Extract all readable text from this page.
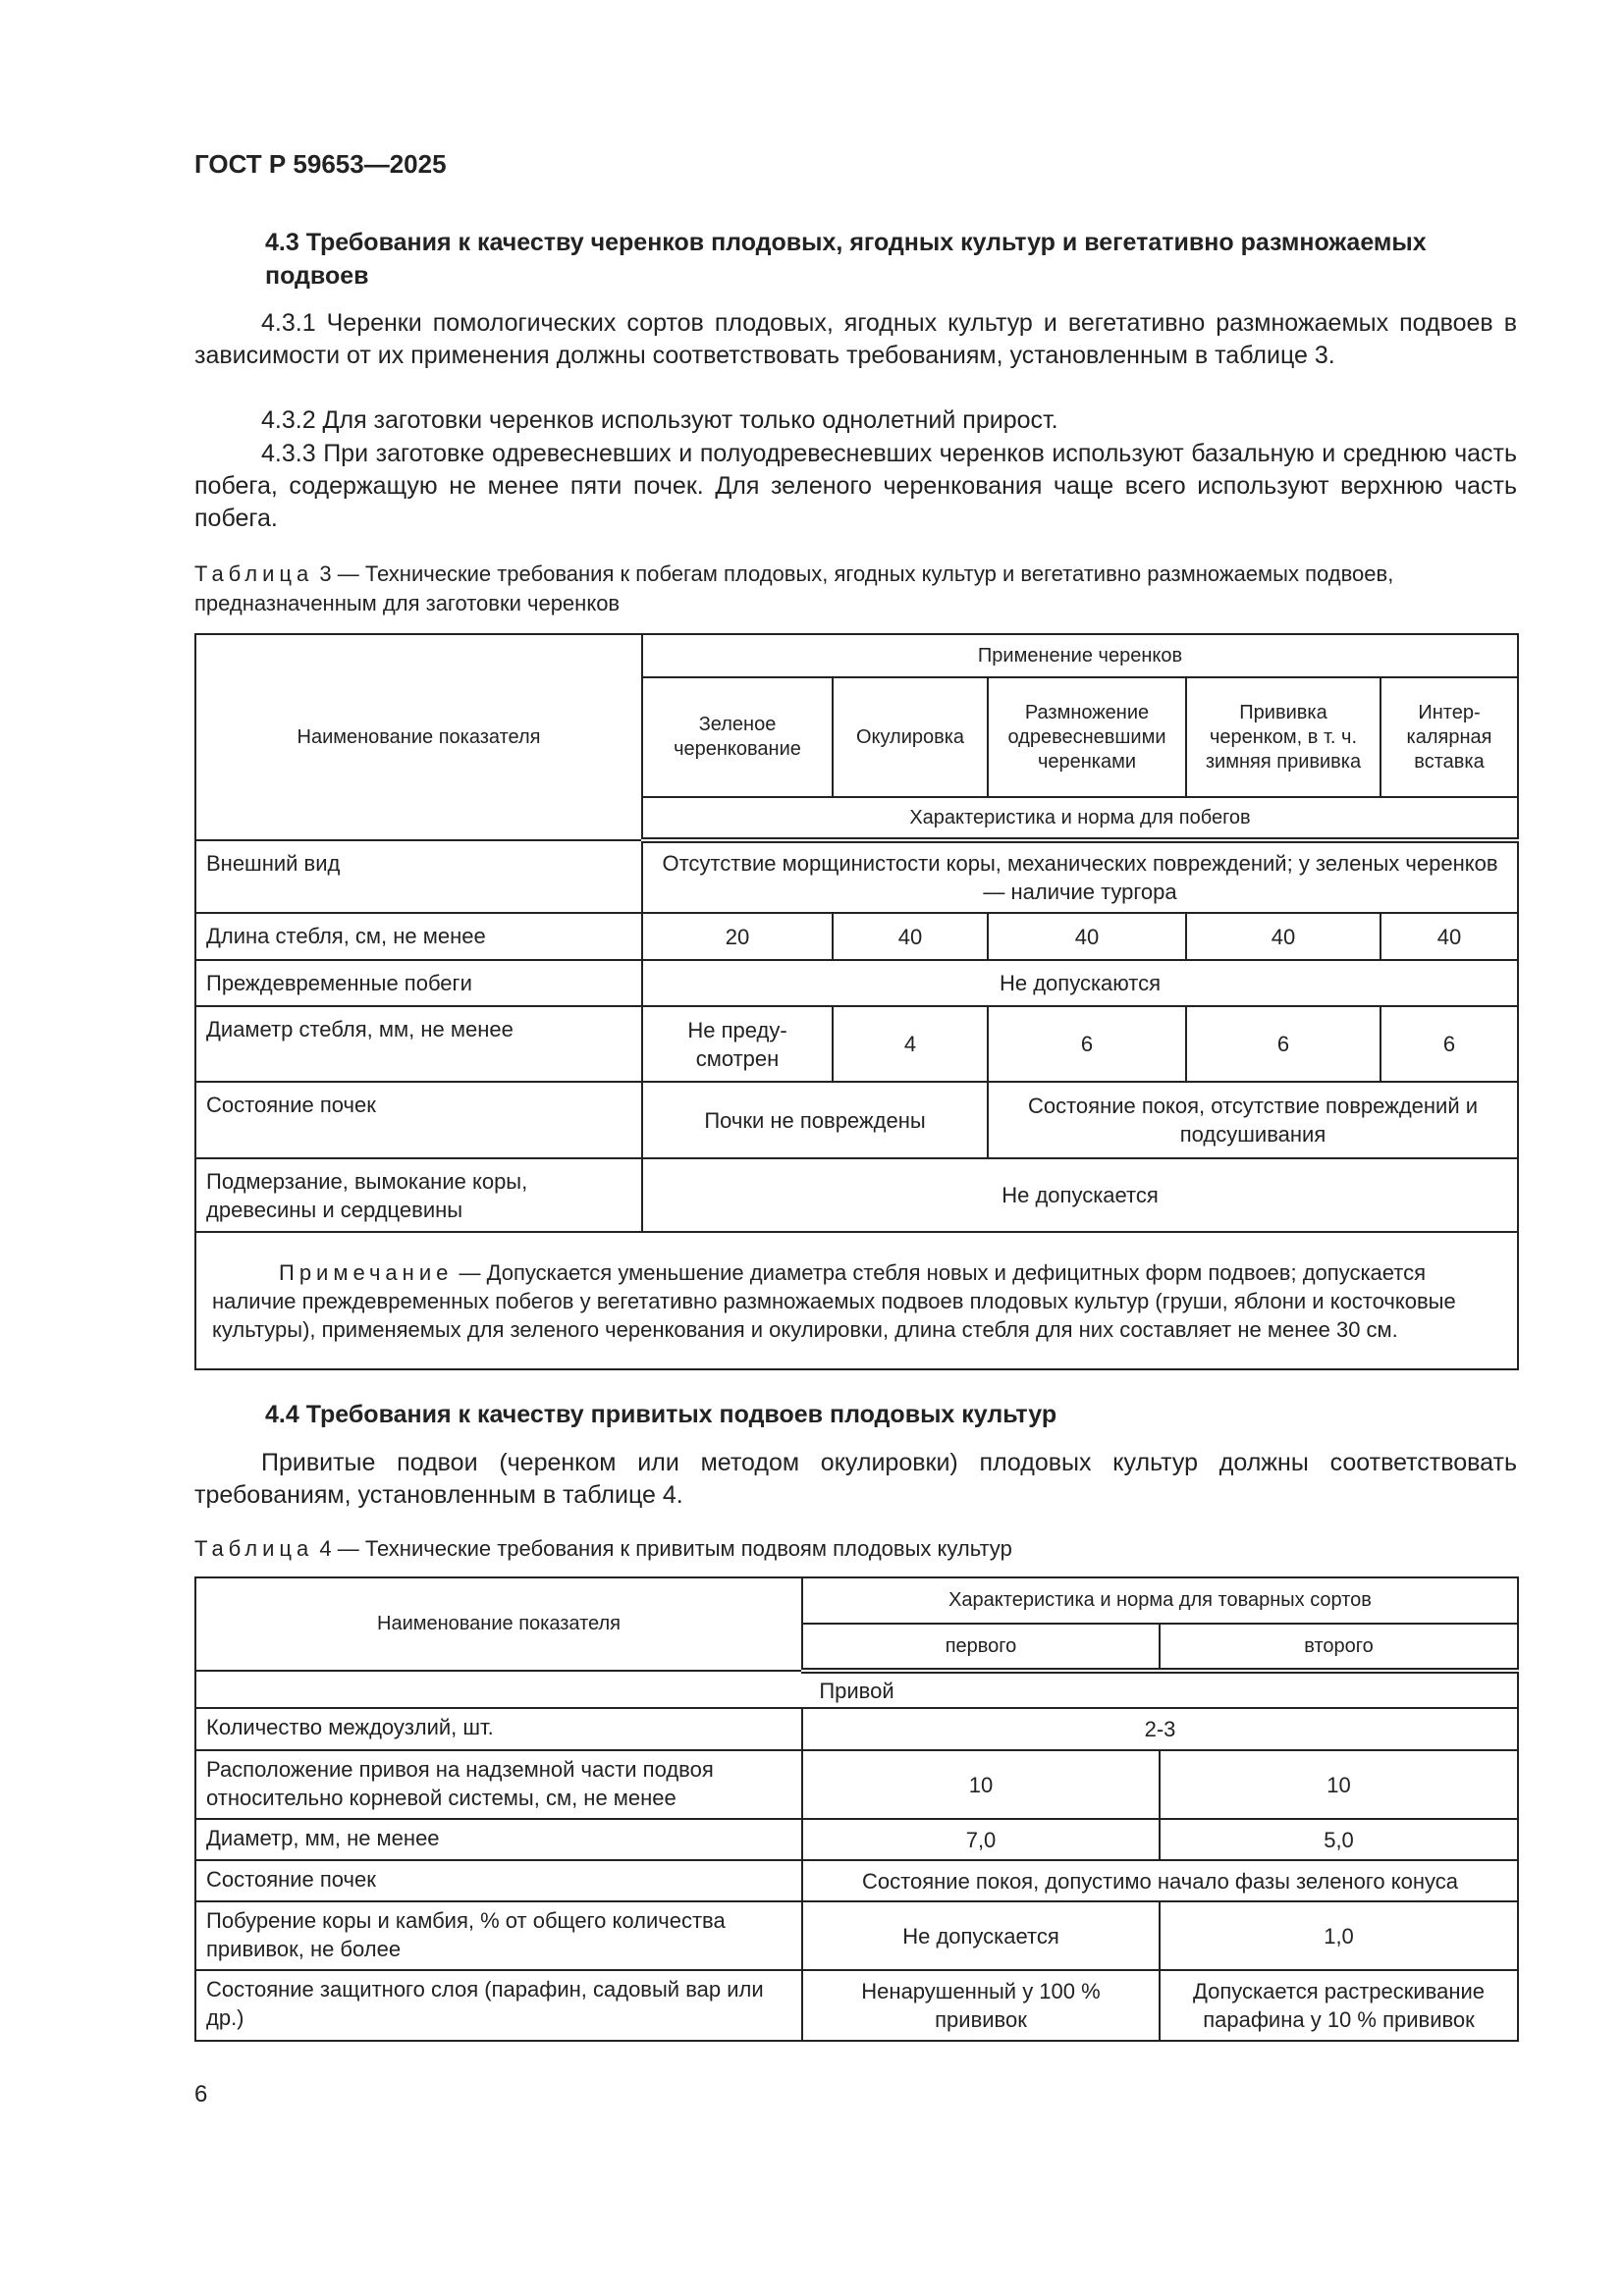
ГОСТ Р 59653—2025
4.3 Требования к качеству черенков плодовых, ягодных культур и вегетативно размножаемых подвоев
4.3.1 Черенки помологических сортов плодовых, ягодных культур и вегетативно размножаемых подвоев в зависимости от их применения должны соответствовать требованиям, установленным в таблице 3.
4.3.2 Для заготовки черенков используют только однолетний прирост.
4.3.3 При заготовке одревесневших и полуодревесневших черенков используют базальную и среднюю часть побега, содержащую не менее пяти почек. Для зеленого черенкования чаще всего используют верхнюю часть побега.
Таблица 3 — Технические требования к побегам плодовых, ягодных культур и вегетативно размножаемых подвоев, предназначенным для заготовки черенков
Наименование показателя	Применение черенков				
	Зеленое черенкование	Окулировка	Размножение одревесневшими черенками	Прививка черенком, в т. ч. зимняя прививка	Интер-калярная вставка
	Характеристика и норма для побегов				
Внешний вид	Отсутствие морщинистости коры, механических повреждений; у зеленых черенков — наличие тургора				
Длина стебля, см, не менее	20	40	40	40	40
Преждевременные побеги	Не допускаются				
Диаметр стебля, мм, не менее	Не преду-смотрен	4	6	6	6
Состояние почек	Почки не повреждены		Состояние покоя, отсутствие повреждений и подсушивания		
Подмерзание, вымокание коры, древесины и сердцевины	Не допускается				
Примечание — Допускается уменьшение диаметра стебля новых и дефицитных форм подвоев; допускается наличие преждевременных побегов у вегетативно размножаемых подвоев плодовых культур (груши, яблони и косточковые культуры), применяемых для зеленого черенкования и окулировки, длина стебля для них составляет не менее 30 см.					
4.4 Требования к качеству привитых подвоев плодовых культур
Привитые подвои (черенком или методом окулировки) плодовых культур должны соответствовать требованиям, установленным в таблице 4.
Таблица 4 — Технические требования к привитым подвоям плодовых культур
Наименование показателя	Характеристика и норма для товарных сортов	
	первого	второго
Привой		
Количество междоузлий, шт.	2-3	
Расположение привоя на надземной части подвоя относительно корневой системы, см, не менее	10	10
Диаметр, мм, не менее	7,0	5,0
Состояние почек	Состояние покоя, допустимо начало фазы зеленого конуса	
Побурение коры и камбия, % от общего количества прививок, не более	Не допускается	1,0
Состояние защитного слоя (парафин, садовый вар или др.)	Ненарушенный у 100 % прививок	Допускается растрескивание парафина у 10 % прививок
6
